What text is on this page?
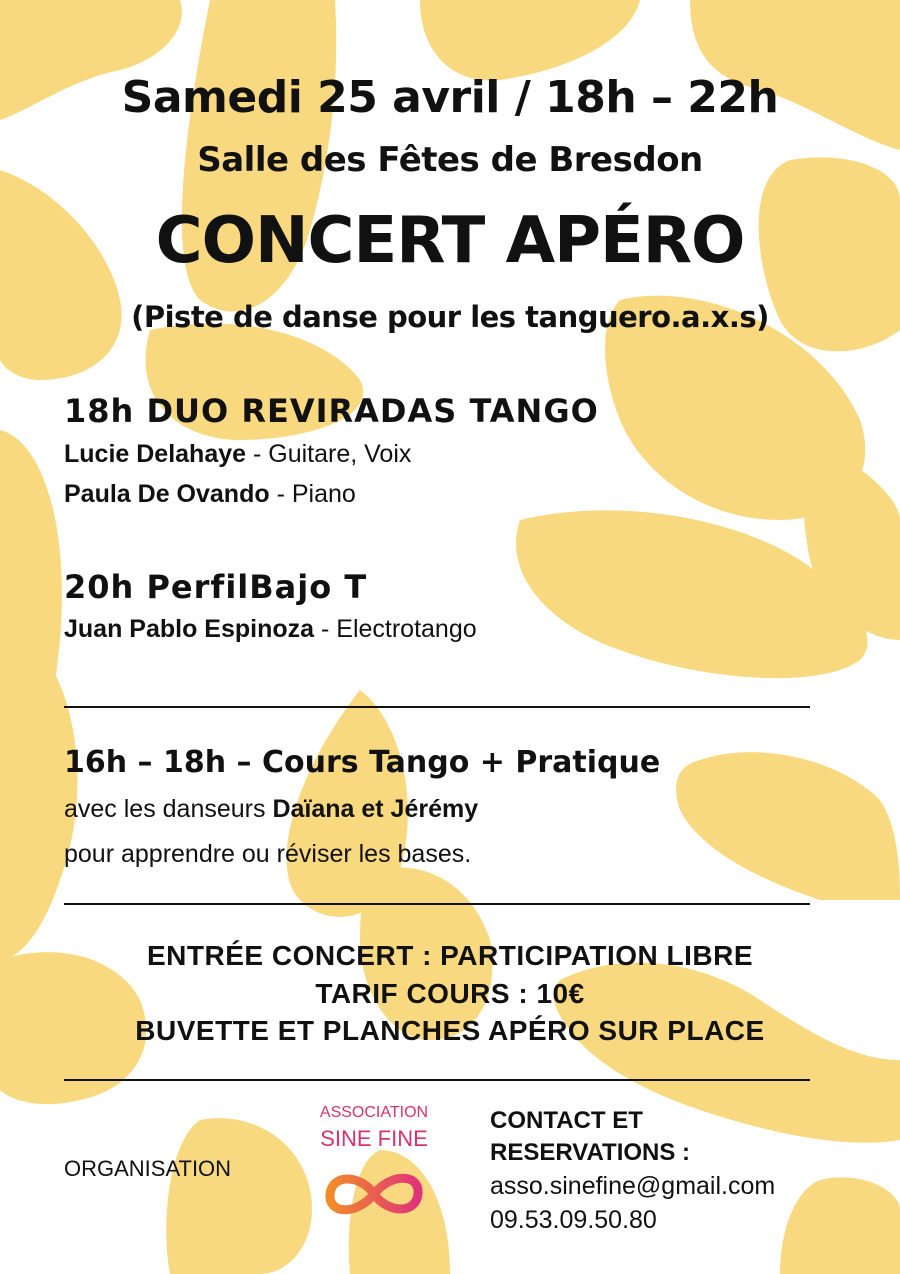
Samedi 25 avril / 18h – 22h
Salle des Fêtes de Bresdon
CONCERT APÉRO
(Piste de danse pour les tanguero.a.x.s)
18h DUO REVIRADAS TANGO
Lucie Delahaye - Guitare, Voix
Paula De Ovando - Piano
20h PerfilBajo T
Juan Pablo Espinoza - Electrotango
16h – 18h – Cours Tango + Pratique
avec les danseurs Daïana et Jérémy
pour apprendre ou réviser les bases.
ENTRÉE CONCERT : PARTICIPATION LIBRE
TARIF COURS : 10€
BUVETTE ET PLANCHES APÉRO SUR PLACE
ORGANISATION
ASSOCIATION
SINE FINE
CONTACT ET
RESERVATIONS :
asso.sinefine@gmail.com
09.53.09.50.80
